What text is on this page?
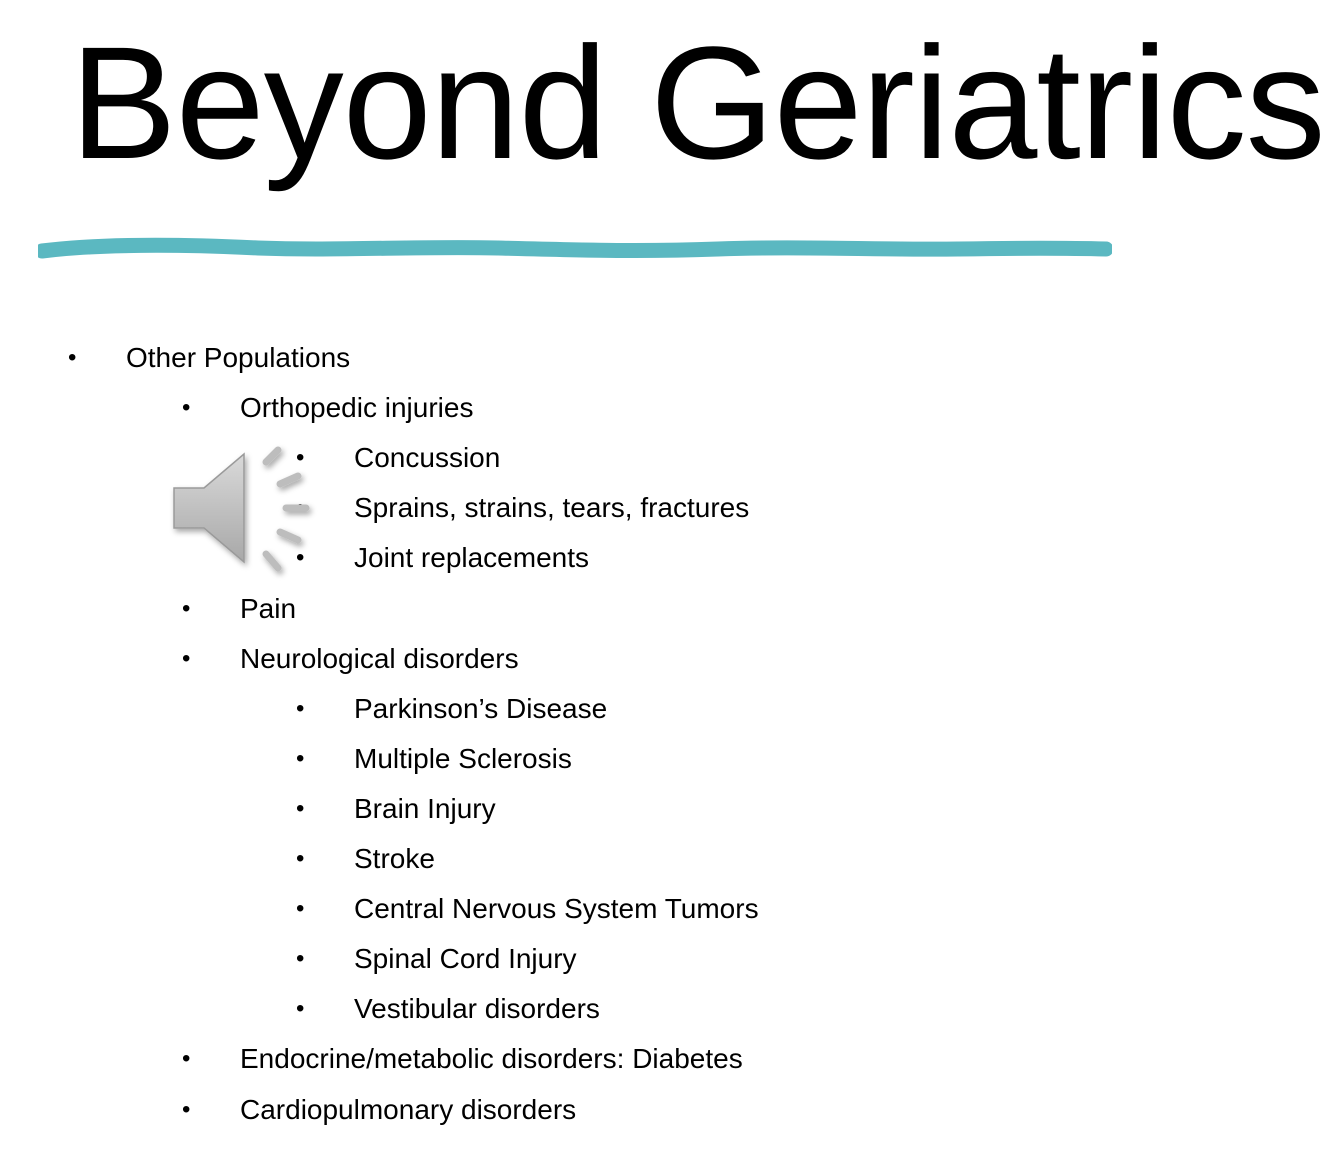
Beyond Geriatrics
• Other Populations
• Orthopedic injuries
• Concussion
• Sprains, strains, tears, fractures
• Joint replacements
• Pain
• Neurological disorders
• Parkinson’s Disease
• Multiple Sclerosis
• Brain Injury
• Stroke
• Central Nervous System Tumors
• Spinal Cord Injury
• Vestibular disorders
• Endocrine/metabolic disorders: Diabetes
• Cardiopulmonary disorders
